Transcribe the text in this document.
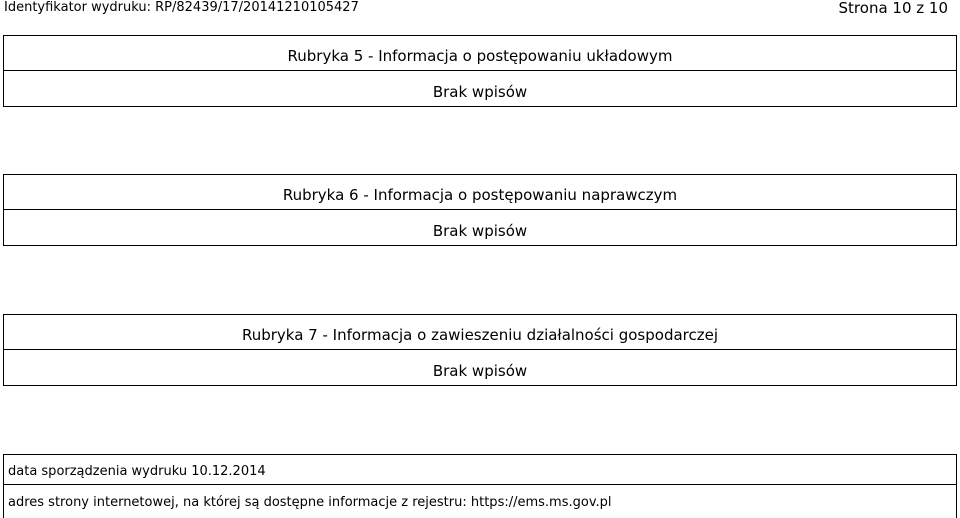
Identyfikator wydruku: RP/82439/17/20141210105427	Strona 10 z 10
Rubryka 5 - Informacja o postępowaniu układowym
Brak wpisów
Rubryka 6 - Informacja o postępowaniu naprawczym
Brak wpisów
Rubryka 7 - Informacja o zawieszeniu działalności gospodarczej
Brak wpisów
data sporządzenia wydruku 10.12.2014
adres strony internetowej, na której są dostępne informacje z rejestru: https://ems.ms.gov.pl
